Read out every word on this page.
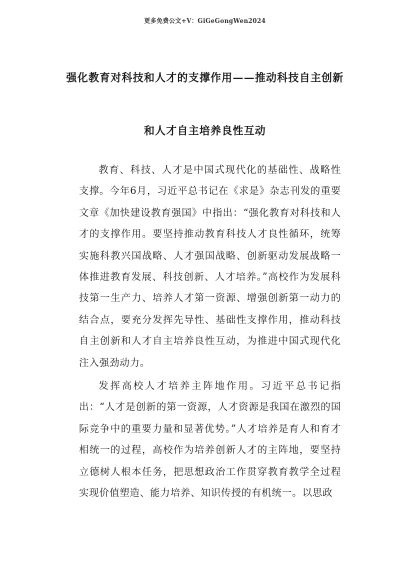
更多免费公文+V：GiGeGongWen2024
强化教育对科技和人才的支撑作用——推动科技自主创新
和人才自主培养良性互动

教育、科技、人才是中国式现代化的基础性、战略性支撑。今年6月，习近平总书记在《求是》杂志刊发的重要文章《加快建设教育强国》中指出：“强化教育对科技和人才的支撑作用。要坚持推动教育科技人才良性循环，统筹实施科教兴国战略、人才强国战略、创新驱动发展战略一体推进教育发展、科技创新、人才培养。”高校作为发展科技第一生产力、培养人才第一资源、增强创新第一动力的结合点，要充分发挥先导性、基础性支撑作用，推动科技自主创新和人才自主培养良性互动，为推进中国式现代化注入强劲动力。

发挥高校人才培养主阵地作用。习近平总书记指出：“人才是创新的第一资源，人才资源是我国在激烈的国际竞争中的重要力量和显著优势。”人才培养是育人和育才相统一的过程，高校作为培养创新人才的主阵地，要坚持立德树人根本任务，把思想政治工作贯穿教育教学全过程实现价值塑造、能力培养、知识传授的有机统一。以思政
